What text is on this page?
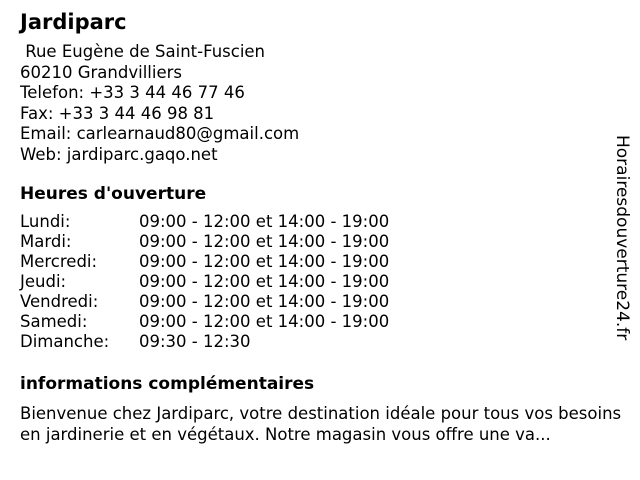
Jardiparc
Rue Eugène de Saint-Fuscien
60210 Grandvilliers
Telefon: +33 3 44 46 77 46
Fax: +33 3 44 46 98 81
Email: carlearnaud80@gmail.com
Web: jardiparc.gaqo.net
Heures d'ouverture
Lundi:	09:00 - 12:00 et 14:00 - 19:00
Mardi:	09:00 - 12:00 et 14:00 - 19:00
Mercredi:	09:00 - 12:00 et 14:00 - 19:00
Jeudi:	09:00 - 12:00 et 14:00 - 19:00
Vendredi: 09:00 - 12:00 et 14:00 - 19:00
Samedi:	09:00 - 12:00 et 14:00 - 19:00
Dimanche: 09:30 - 12:30
informations complémentaires
Bienvenue chez Jardiparc, votre destination idéale pour tous vos besoins en jardinerie et en végétaux. Notre magasin vous offre une va...
Horairesdouverture24.fr
